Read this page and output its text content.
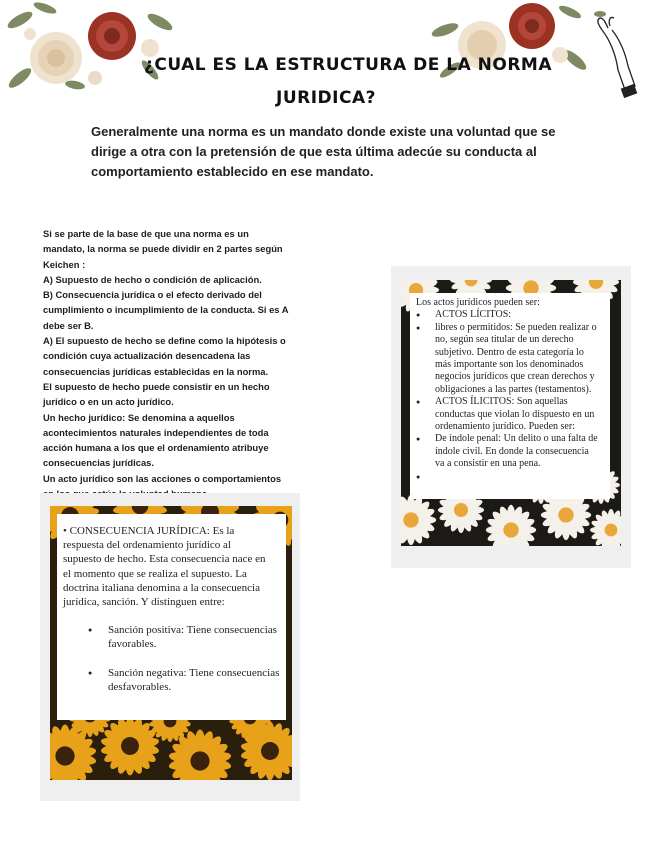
¿CUAL ES LA ESTRUCTURA DE LA NORMA
JURIDICA?
Generalmente una norma es un mandato donde existe una voluntad que se
dirige a otra con la pretensión de que esta última adecúe su conducta al
comportamiento establecido en ese mandato.
Si se parte de la base de que una norma es un
mandato, la norma se puede dividir en 2 partes según
Keichen :
A) Supuesto de hecho o condición de aplicación.
B) Consecuencia jurídica o el efecto derivado del
cumplimiento o incumplimiento de la conducta. Si es A
debe ser B.
A) El supuesto de hecho se define como la hipótesis o
condición cuya actualización desencadena las
consecuencias jurídicas establecidas en la norma.
El supuesto de hecho puede consistir en un hecho
jurídico o en un acto jurídico.
Un hecho jurídico: Se denomina a aquellos
acontecimientos naturales independientes de toda
acción humana a los que el ordenamiento atribuye
consecuencias jurídicas.
Un acto jurídico son las acciones o comportamientos
Los actos jurídicos pueden ser:
● ACTOS LÍCITOS:
● libres o permitidos: Se pueden realizar o
no, según sea titular de un derecho
subjetivo. Dentro de esta categoría lo
más importante son los denominados
negocios jurídicos que crean derechos y
obligaciones a las partes (testamentos).
● ACTOS ÍLICITOS: Son aquellas
conductas que violan lo dispuesto en un
ordenamiento jurídico. Pueden ser:
● De índole penal: Un delito o una falta de
índole civil. En donde la consecuencia
va a consistir en una pena.
●
• CONSECUENCIA JURÍDICA: Es la
respuesta del ordenamiento jurídico al
supuesto de hecho. Esta consecuencia nace en
el momento que se realiza el supuesto. La
doctrina italiana denomina a la consecuencia
jurídica, sanción. Y distinguen entre:
● Sanción positiva: Tiene consecuencias
favorables.
● Sanción negativa: Tiene consecuencias
desfavorables.
